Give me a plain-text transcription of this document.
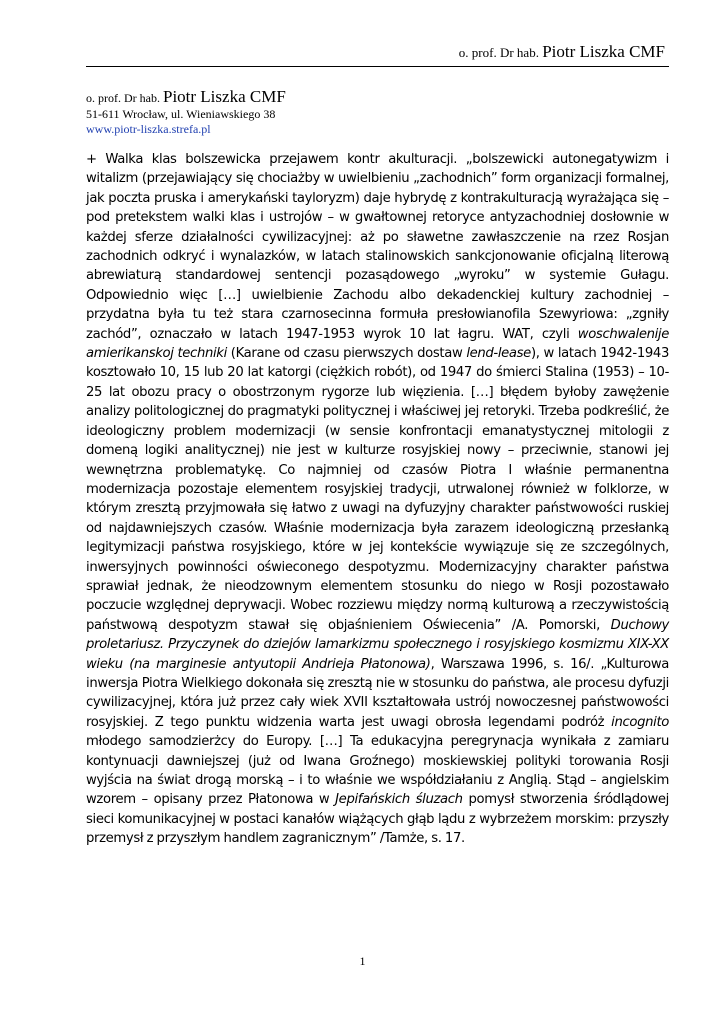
o. prof. Dr hab. Piotr Liszka CMF
o. prof. Dr hab. Piotr Liszka CMF
51-611 Wrocław, ul. Wieniawskiego 38
www.piotr-liszka.strefa.pl

+ Walka klas bolszewicka przejawem kontr akulturacji. „bolszewicki autonegatywizm i witalizm (przejawiający się chociażby w uwielbieniu „zachodnich” form organizacji formalnej, jak poczta pruska i amerykański tayloryzm) daje hybrydę z kontrakulturacją wyrażająca się – pod pretekstem walki klas i ustrojów – w gwałtownej retoryce antyzachodniej dosłownie w każdej sferze działalności cywilizacyjnej: aż po sławetne zawłaszczenie na rzez Rosjan zachodnich odkryć i wynalazków, w latach stalinowskich sankcjonowanie oficjalną literową abrewiaturą standardowej sentencji pozasądowego „wyroku” w systemie Gułagu. Odpowiednio więc […] uwielbienie Zachodu albo dekadenckiej kultury zachodniej – przydatna była tu też stara czarnosecinna formuła presłowianofila Szewyriowa: „zgniły zachód”, oznaczało w latach 1947-1953 wyrok 10 lat łagru. WAT, czyli woschwalenije amierikanskoj techniki (Karane od czasu pierwszych dostaw lend-lease), w latach 1942-1943 kosztowało 10, 15 lub 20 lat katorgi (ciężkich robót), od 1947 do śmierci Stalina (1953) – 10-25 lat obozu pracy o obostrzonym rygorze lub więzienia. […] błędem byłoby zawężenie analizy politologicznej do pragmatyki politycznej i właściwej jej retoryki. Trzeba podkreślić, że ideologiczny problem modernizacji (w sensie konfrontacji emanatystycznej mitologii z domeną logiki analitycznej) nie jest w kulturze rosyjskiej nowy – przeciwnie, stanowi jej wewnętrzna problematykę. Co najmniej od czasów Piotra I właśnie permanentna modernizacja pozostaje elementem rosyjskiej tradycji, utrwalonej również w folklorze, w którym zresztą przyjmowała się łatwo z uwagi na dyfuzyjny charakter państwowości ruskiej od najdawniejszych czasów. Właśnie modernizacja była zarazem ideologiczną przesłanką legitymizacji państwa rosyjskiego, które w jej kontekście wywiązuje się ze szczególnych, inwersyjnych powinności oświeconego despotyzmu. Modernizacyjny charakter państwa sprawiał jednak, że nieodzownym elementem stosunku do niego w Rosji pozostawało poczucie względnej deprywacji. Wobec rozziewu między normą kulturową a rzeczywistością państwową despotyzm stawał się objaśnieniem Oświecenia” /A. Pomorski, Duchowy proletariusz. Przyczynek do dziejów lamarkizmu społecznego i rosyjskiego kosmizmu XIX-XX wieku (na marginesie antyutopii Andrieja Płatonowa), Warszawa 1996, s. 16/. „Kulturowa inwersja Piotra Wielkiego dokonała się zresztą nie w stosunku do państwa, ale procesu dyfuzji cywilizacyjnej, która już przez cały wiek XVII kształtowała ustrój nowoczesnej państwowości rosyjskiej. Z tego punktu widzenia warta jest uwagi obrosła legendami podróż incognito młodego samodzierżcy do Europy. […] Ta edukacyjna peregrynacja wynikała z zamiaru kontynuacji dawniejszej (już od Iwana Groźnego) moskiewskiej polityki torowania Rosji wyjścia na świat drogą morską – i to właśnie we współdziałaniu z Anglią. Stąd – angielskim wzorem – opisany przez Płatonowa w Jepifańskich śluzach pomysł stworzenia śródlądowej sieci komunikacyjnej w postaci kanałów wiążących głąb lądu z wybrzeżem morskim: przyszły przemysł z przyszłym handlem zagranicznym” /Tamże, s. 17.

1
